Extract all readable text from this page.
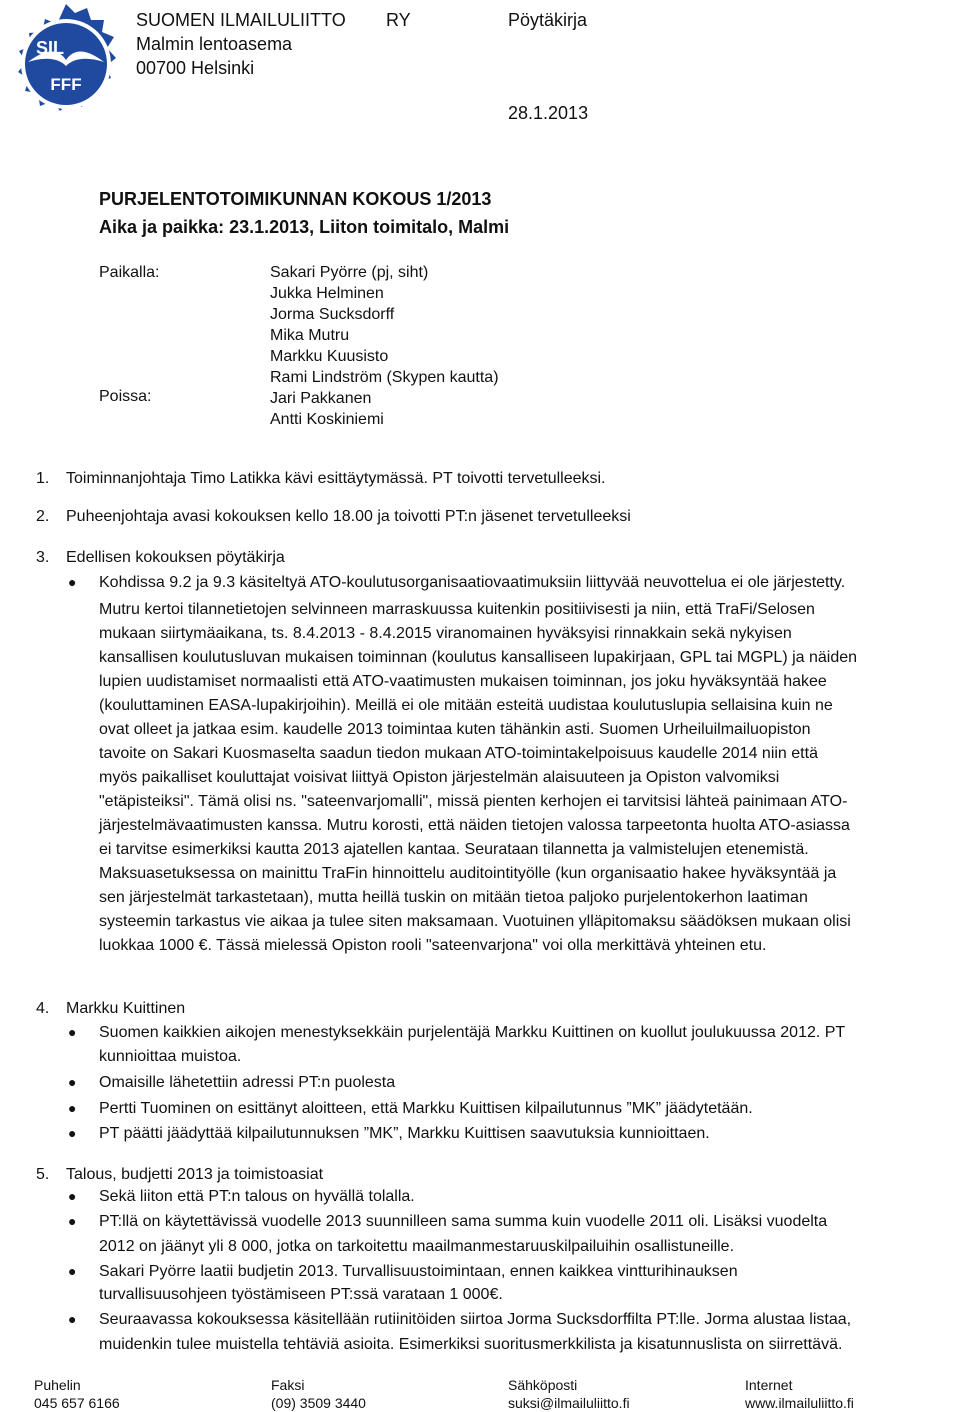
SIL
FFF
SUOMEN ILMAILULIITTO RY	Pöytäkirja
Malmin lentoasema
00700 Helsinki
28.1.2013
PURJELENTOTOIMIKUNNAN KOKOUS 1/2013
Aika ja paikka: 23.1.2013, Liiton toimitalo, Malmi
Paikalla:
Poissa:
Sakari Pyörre (pj, siht)
Jukka Helminen
Jorma Sucksdorff
Mika Mutru
Markku Kuusisto
Rami Lindström (Skypen kautta)
Jari Pakkanen
Antti Koskiniemi
1. Toiminnanjohtaja Timo Latikka kävi esittäytymässä. PT toivotti tervetulleeksi.
2. Puheenjohtaja avasi kokouksen kello 18.00 ja toivotti PT:n jäsenet tervetulleeksi
3. Edellisen kokouksen pöytäkirja
● Kohdissa 9.2 ja 9.3 käsiteltyä ATO-koulutusorganisaatiovaatimuksiin liittyvää neuvottelua ei ole järjestetty.
Mutru kertoi tilannetietojen selvinneen marraskuussa kuitenkin positiivisesti ja niin, että TraFi/Selosen
mukaan siirtymäaikana, ts. 8.4.2013 - 8.4.2015 viranomainen hyväksyisi rinnakkain sekä nykyisen
kansallisen koulutusluvan mukaisen toiminnan (koulutus kansalliseen lupakirjaan, GPL tai MGPL) ja näiden
lupien uudistamiset normaalisti että ATO-vaatimusten mukaisen toiminnan, jos joku hyväksyntää hakee
(kouluttaminen EASA-lupakirjoihin). Meillä ei ole mitään esteitä uudistaa koulutuslupia sellaisina kuin ne
ovat olleet ja jatkaa esim. kaudelle 2013 toimintaa kuten tähänkin asti. Suomen Urheiluilmailuopiston
tavoite on Sakari Kuosmaselta saadun tiedon mukaan ATO-toimintakelpoisuus kaudelle 2014 niin että
myös paikalliset kouluttajat voisivat liittyä Opiston järjestelmän alaisuuteen ja Opiston valvomiksi
"etäpisteiksi". Tämä olisi ns. "sateenvarjomalli", missä pienten kerhojen ei tarvitsisi lähteä painimaan ATO-
järjestelmävaatimusten kanssa. Mutru korosti, että näiden tietojen valossa tarpeetonta huolta ATO-asiassa
ei tarvitse esimerkiksi kautta 2013 ajatellen kantaa. Seurataan tilannetta ja valmistelujen etenemistä.
Maksuasetuksessa on mainittu TraFin hinnoittelu auditointityölle (kun organisaatio hakee hyväksyntää ja
sen järjestelmät tarkastetaan), mutta heillä tuskin on mitään tietoa paljoko purjelentokerhon laatiman
systeemin tarkastus vie aikaa ja tulee siten maksamaan. Vuotuinen ylläpitomaksu säädöksen mukaan olisi
luokkaa 1000 €. Tässä mielessä Opiston rooli "sateenvarjona" voi olla merkittävä yhteinen etu.
4. Markku Kuittinen
● Suomen kaikkien aikojen menestyksekkäin purjelentäjä Markku Kuittinen on kuollut joulukuussa 2012. PT
kunnioittaa muistoa.
● Omaisille lähetettiin adressi PT:n puolesta
● Pertti Tuominen on esittänyt aloitteen, että Markku Kuittisen kilpailutunnus ”MK” jäädytetään.
● PT päätti jäädyttää kilpailutunnuksen ”MK”, Markku Kuittisen saavutuksia kunnioittaen.
5. Talous, budjetti 2013 ja toimistoasiat
● Sekä liiton että PT:n talous on hyvällä tolalla.
● PT:llä on käytettävissä vuodelle 2013 suunnilleen sama summa kuin vuodelle 2011 oli. Lisäksi vuodelta
2012 on jäänyt yli 8 000, jotka on tarkoitettu maailmanmestaruuskilpailuihin osallistuneille.
● Sakari Pyörre laatii budjetin 2013. Turvallisuustoimintaan, ennen kaikkea vintturihinauksen
turvallisuusohjeen työstämiseen PT:ssä varataan 1 000€.
● Seuraavassa kokouksessa käsitellään rutiinitöiden siirtoa Jorma Sucksdorffilta PT:lle. Jorma alustaa listaa,
muidenkin tulee muistella tehtäviä asioita. Esimerkiksi suoritusmerkkilista ja kisatunnuslista on siirrettävä.
Puhelin
045 657 6166
Faksi
(09) 3509 3440
Sähköposti
suksi@ilmailuliitto.fi
Internet
www.ilmailuliitto.fi
